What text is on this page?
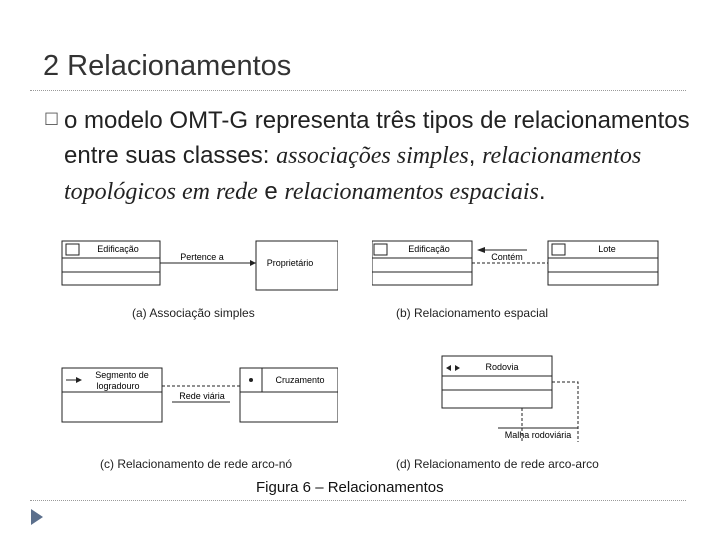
2 Relacionamentos
□ o modelo OMT-G representa três tipos de relacionamentos entre suas classes: associações simples, relacionamentos topológicos em rede e relacionamentos espaciais.
Edificação
Pertence a
Proprietário
(a) Associação simples
Edificação
Contém
Lote
(b) Relacionamento espacial
Segmento de
logradouro
Rede viária
Cruzamento
(c) Relacionamento de rede arco-nó
Rodovia
Malha rodoviária
(d) Relacionamento de rede arco-arco
Figura 6 – Relacionamentos
